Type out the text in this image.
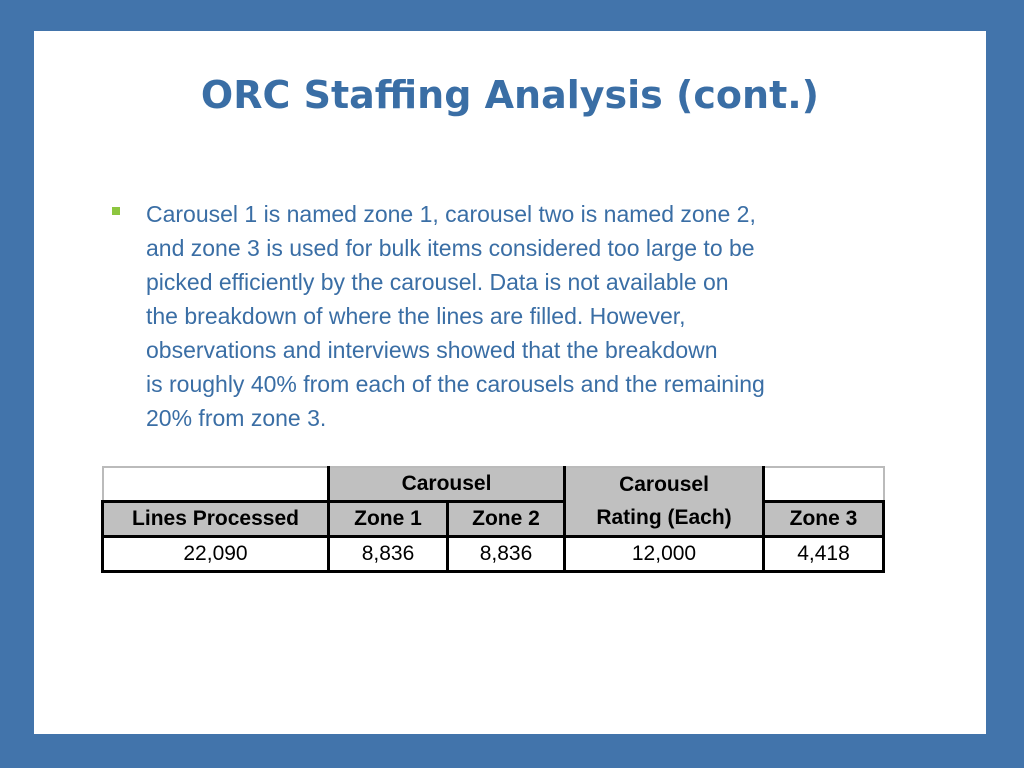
ORC Staffing Analysis (cont.)
Carousel 1 is named zone 1, carousel two is named zone 2,
and zone 3 is used for bulk items considered too large to be
picked efficiently by the carousel. Data is not available on
the breakdown of where the lines are filled. However,
observations and interviews showed that the breakdown
is roughly 40% from each of the carousels and the remaining
20% from zone 3.
	Carousel		Carousel	
Lines Processed	Zone 1	Zone 2	Rating (Each)	Zone 3
22,090	8,836	8,836	12,000	4,418
